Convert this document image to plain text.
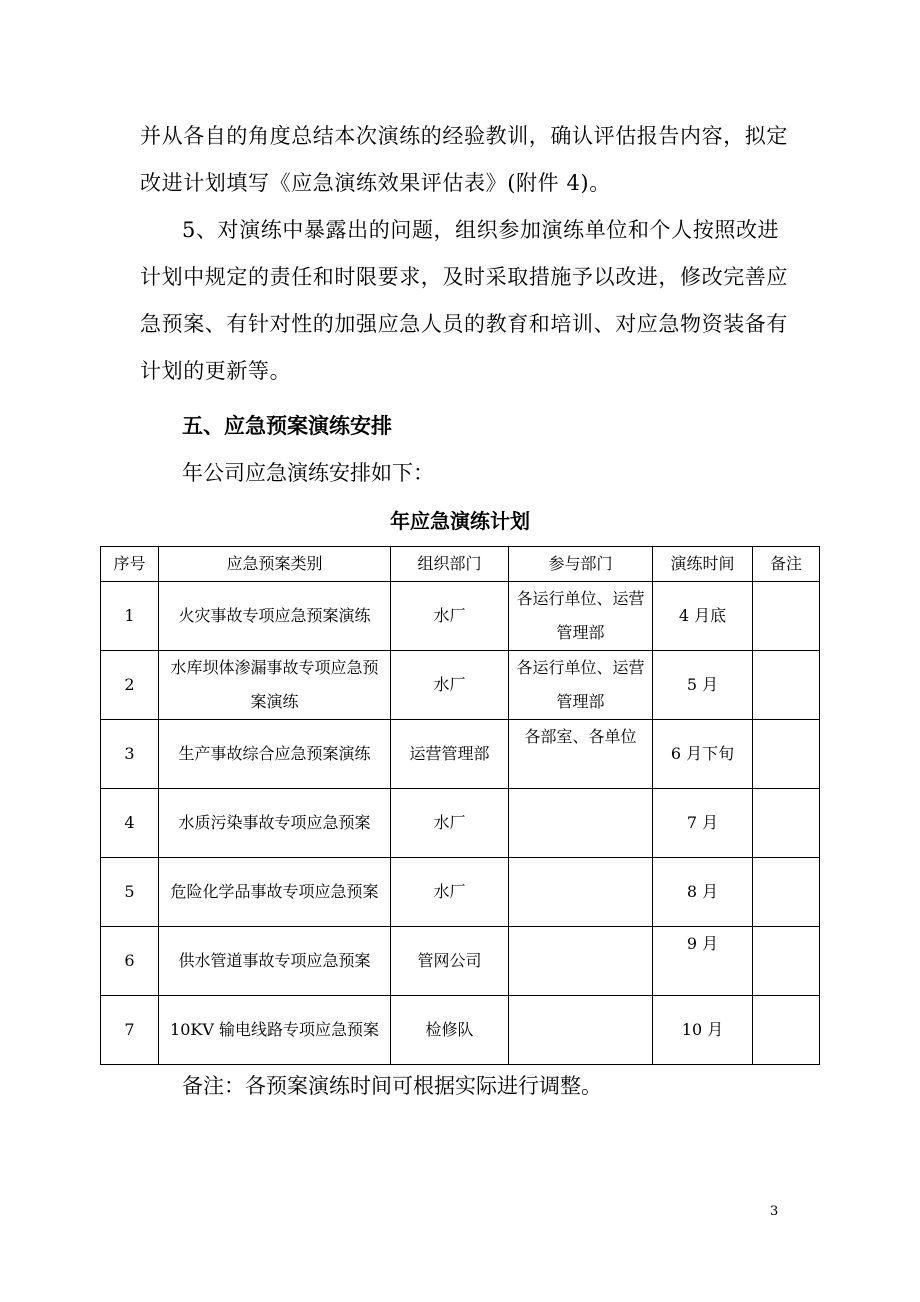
并从各自的角度总结本次演练的经验教训，确认评估报告内容，拟定改进计划填写《应急演练效果评估表》(附件 4)。

5、对演练中暴露出的问题，组织参加演练单位和个人按照改进计划中规定的责任和时限要求，及时采取措施予以改进，修改完善应急预案、有针对性的加强应急人员的教育和培训、对应急物资装备有计划的更新等。

五、应急预案演练安排

年公司应急演练安排如下：

年应急演练计划
序号	应急预案类别	组织部门	参与部门	演练时间	备注
1	火灾事故专项应急预案演练	水厂	各运行单位、运营管理部	4 月底	
2	水库坝体渗漏事故专项应急预案演练	水厂	各运行单位、运营管理部	5 月	
3	生产事故综合应急预案演练	运营管理部	各部室、各单位	6 月下旬	
4	水质污染事故专项应急预案	水厂		7 月	
5	危险化学品事故专项应急预案	水厂		8 月	
6	供水管道事故专项应急预案	管网公司		9 月	
7	10KV 输电线路专项应急预案	检修队		10 月	

备注：各预案演练时间可根据实际进行调整。

3
